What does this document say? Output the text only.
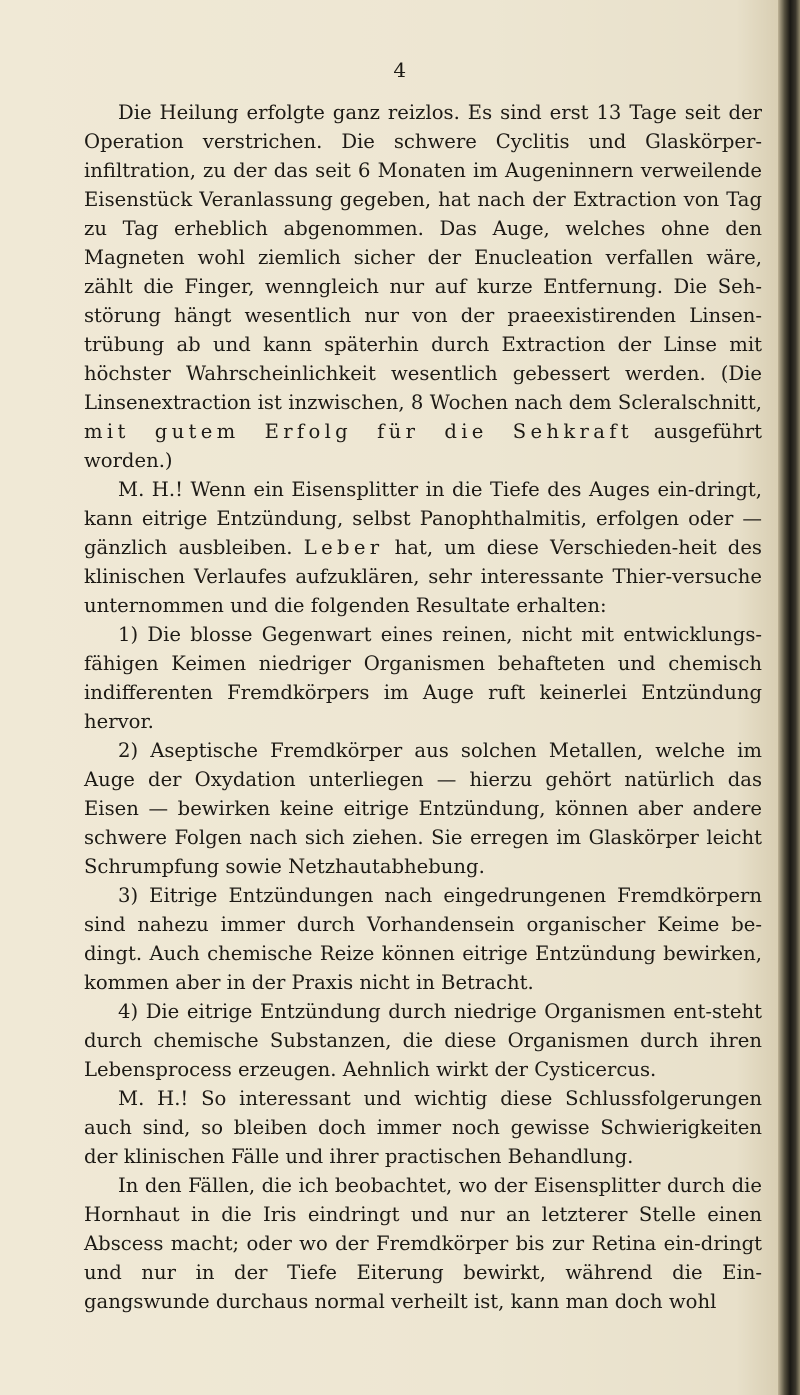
4

Die Heilung erfolgte ganz reizlos. Es sind erst 13 Tage seit der Operation verstrichen. Die schwere Cyclitis und Glaskörper-infiltration, zu der das seit 6 Monaten im Augeninnern verweilende Eisenstück Veranlassung gegeben, hat nach der Extraction von Tag zu Tag erheblich abgenommen. Das Auge, welches ohne den Magneten wohl ziemlich sicher der Enucleation verfallen wäre, zählt die Finger, wenngleich nur auf kurze Entfernung. Die Seh-störung hängt wesentlich nur von der praeexistirenden Linsen-trübung ab und kann späterhin durch Extraction der Linse mit höchster Wahrscheinlichkeit wesentlich gebessert werden. (Die Linsenextraction ist inzwischen, 8 Wochen nach dem Scleralschnitt, mit gutem Erfolg für die Sehkraft ausgeführt worden.)

M. H.! Wenn ein Eisensplitter in die Tiefe des Auges ein-dringt, kann eitrige Entzündung, selbst Panophthalmitis, erfolgen oder — gänzlich ausbleiben. Leber hat, um diese Verschieden-heit des klinischen Verlaufes aufzuklären, sehr interessante Thier-versuche unternommen und die folgenden Resultate erhalten:

1) Die blosse Gegenwart eines reinen, nicht mit entwicklungs-fähigen Keimen niedriger Organismen behafteten und chemisch indifferenten Fremdkörpers im Auge ruft keinerlei Entzündung hervor.

2) Aseptische Fremdkörper aus solchen Metallen, welche im Auge der Oxydation unterliegen — hierzu gehört natürlich das Eisen — bewirken keine eitrige Entzündung, können aber andere schwere Folgen nach sich ziehen. Sie erregen im Glaskörper leicht Schrumpfung sowie Netzhautabhebung.

3) Eitrige Entzündungen nach eingedrungenen Fremdkörpern sind nahezu immer durch Vorhandensein organischer Keime be-dingt. Auch chemische Reize können eitrige Entzündung bewirken, kommen aber in der Praxis nicht in Betracht.

4) Die eitrige Entzündung durch niedrige Organismen ent-steht durch chemische Substanzen, die diese Organismen durch ihren Lebensprocess erzeugen. Aehnlich wirkt der Cysticercus.

M. H.! So interessant und wichtig diese Schlussfolgerungen auch sind, so bleiben doch immer noch gewisse Schwierigkeiten der klinischen Fälle und ihrer practischen Behandlung.

In den Fällen, die ich beobachtet, wo der Eisensplitter durch die Hornhaut in die Iris eindringt und nur an letzterer Stelle einen Abscess macht; oder wo der Fremdkörper bis zur Retina ein-dringt und nur in der Tiefe Eiterung bewirkt, während die Ein-gangswunde durchaus normal verheilt ist, kann man doch wohl
